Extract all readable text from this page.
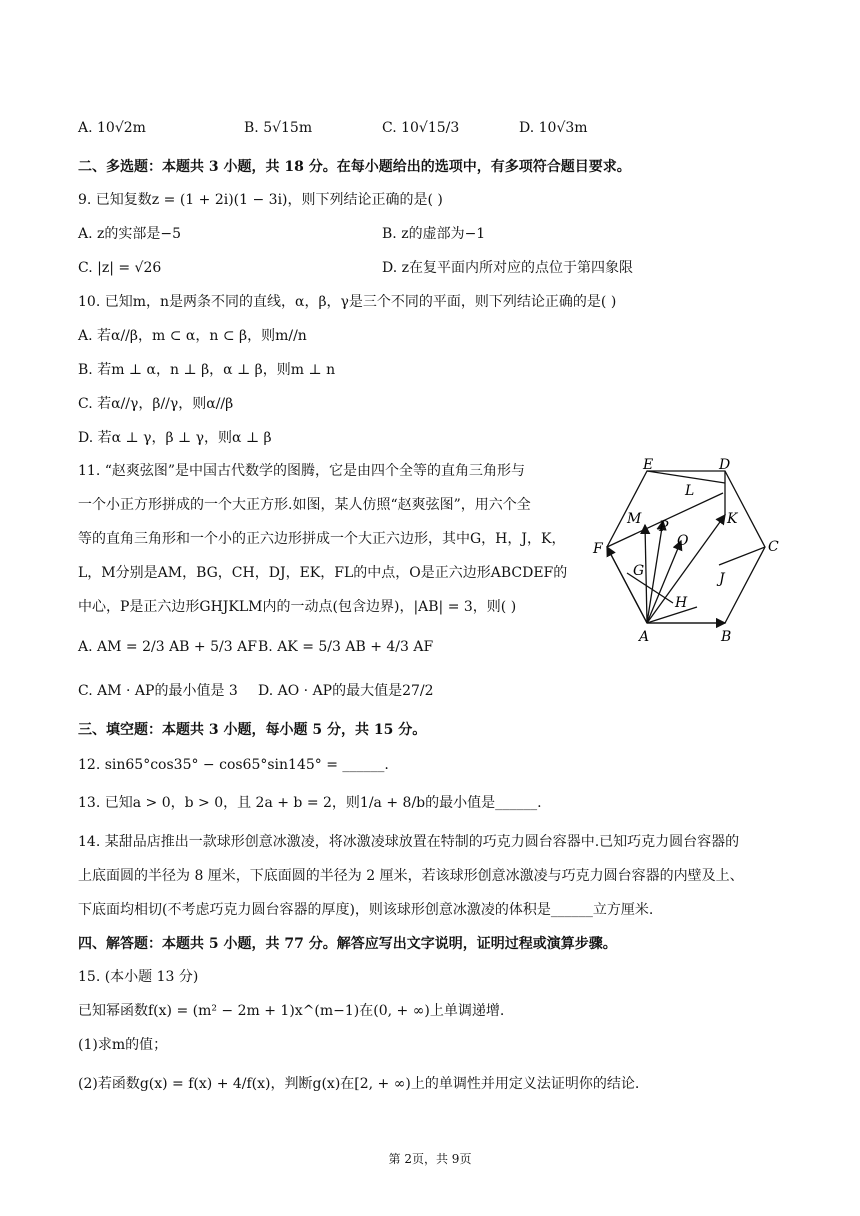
A. 10√2m	B. 5√15m	C. 10√15/3	D. 10√3m
二、多选题：本题共 3 小题，共 18 分。在每小题给出的选项中，有多项符合题目要求。
9. 已知复数z = (1 + 2i)(1 − 3i)，则下列结论正确的是( )
A. z的实部是−5	B. z的虚部为−1
C. |z| = √26	D. z在复平面内所对应的点位于第四象限
10. 已知m，n是两条不同的直线，α，β，γ是三个不同的平面，则下列结论正确的是( )
A. 若α//β，m ⊂ α，n ⊂ β，则m//n
B. 若m ⊥ α，n ⊥ β，α ⊥ β，则m ⊥ n
C. 若α//γ，β//γ，则α//β
D. 若α ⊥ γ，β ⊥ γ，则α ⊥ β
11. “赵爽弦图”是中国古代数学的图腾，它是由四个全等的直角三角形与
一个小正方形拼成的一个大正方形.如图，某人仿照“赵爽弦图”，用六个全
等的直角三角形和一个小的正六边形拼成一个大正六边形，其中G，H，J，K，
L，M分别是AM，BG，CH，DJ，EK，FL的中点，O是正六边形ABCDEF的
中心，P是正六边形GHJKLM内的一动点(包含边界)，|AB| = 3，则( )
A. AM = 2/3 AB + 5/3 AF B. AK = 5/3 AB + 4/3 AF
C. AM · AP的最小值是 3 D. AO · AP的最大值是27/2
E	D
L
M P
O
K
F	C
G	J
H
A	B
三、填空题：本题共 3 小题，每小题 5 分，共 15 分。
12. sin65°cos35° − cos65°sin145° = ______.
13. 已知a > 0，b > 0，且 2a + b = 2，则1/a + 8/b的最小值是______.
14. 某甜品店推出一款球形创意冰激凌，将冰激凌球放置在特制的巧克力圆台容器中.已知巧克力圆台容器的
上底面圆的半径为 8 厘米，下底面圆的半径为 2 厘米，若该球形创意冰激凌与巧克力圆台容器的内壁及上、
下底面均相切(不考虑巧克力圆台容器的厚度)，则该球形创意冰激凌的体积是______立方厘米.
四、解答题：本题共 5 小题，共 77 分。解答应写出文字说明，证明过程或演算步骤。
15. (本小题 13 分)
已知幂函数f(x) = (m² − 2m + 1)x^(m−1)在(0, + ∞)上单调递增.
(1)求m的值；
(2)若函数g(x) = f(x) + 4/f(x)，判断g(x)在[2, + ∞)上的单调性并用定义法证明你的结论.
第 2页，共 9页
